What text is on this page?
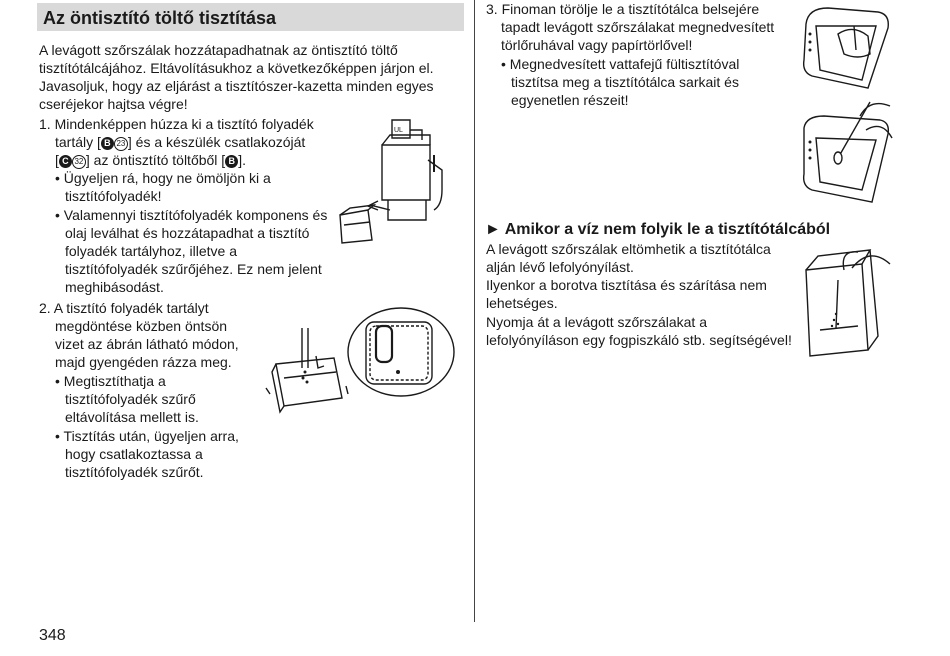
Az öntisztító töltő tisztítása
A levágott szőrszálak hozzátapadhatnak az öntisztító töltő
tisztítótálcájához. Eltávolításukhoz a következőképpen járjon el.
Javasoljuk, hogy az eljárást a tisztítószer-kazetta minden egyes
cseréjekor hajtsa végre!
1. Mindenképpen húzza ki a tisztító folyadék
tartály [ B 23 ] és a készülék csatlakozóját
[ C 32 ] az öntisztító töltőből [ B ].
• Ügyeljen rá, hogy ne ömöljön ki a
tisztítófolyadék!
• Valamennyi tisztítófolyadék komponens és
olaj leválhat és hozzátapadhat a tisztító
folyadék tartályhoz, illetve a
tisztítófolyadék szűrőjéhez. Ez nem jelent
meghibásodást.
2. A tisztító folyadék tartályt
megdöntése közben öntsön
vizet az ábrán látható módon,
majd gyengéden rázza meg.
• Megtisztíthatja a
tisztítófolyadék szűrő
eltávolítása mellett is.
• Tisztítás után, ügyeljen arra,
hogy csatlakoztassa a
tisztítófolyadék szűrőt.
348
3. Finoman törölje le a tisztítótálca belsejére
tapadt levágott szőrszálakat megnedvesített
törlőruhával vagy papírtörlővel!
• Megnedvesített vattafejű fültisztítóval
tisztítsa meg a tisztítótálca sarkait és
egyenetlen részeit!
► Amikor a víz nem folyik le a tisztítótálcából
A levágott szőrszálak eltömhetik a tisztítótálca
alján lévő lefolyónyílást.
Ilyenkor a borotva tisztítása és szárítása nem
lehetséges.
Nyomja át a levágott szőrszálakat a
lefolyónyíláson egy fogpiszkáló stb. segítségével!
UL
